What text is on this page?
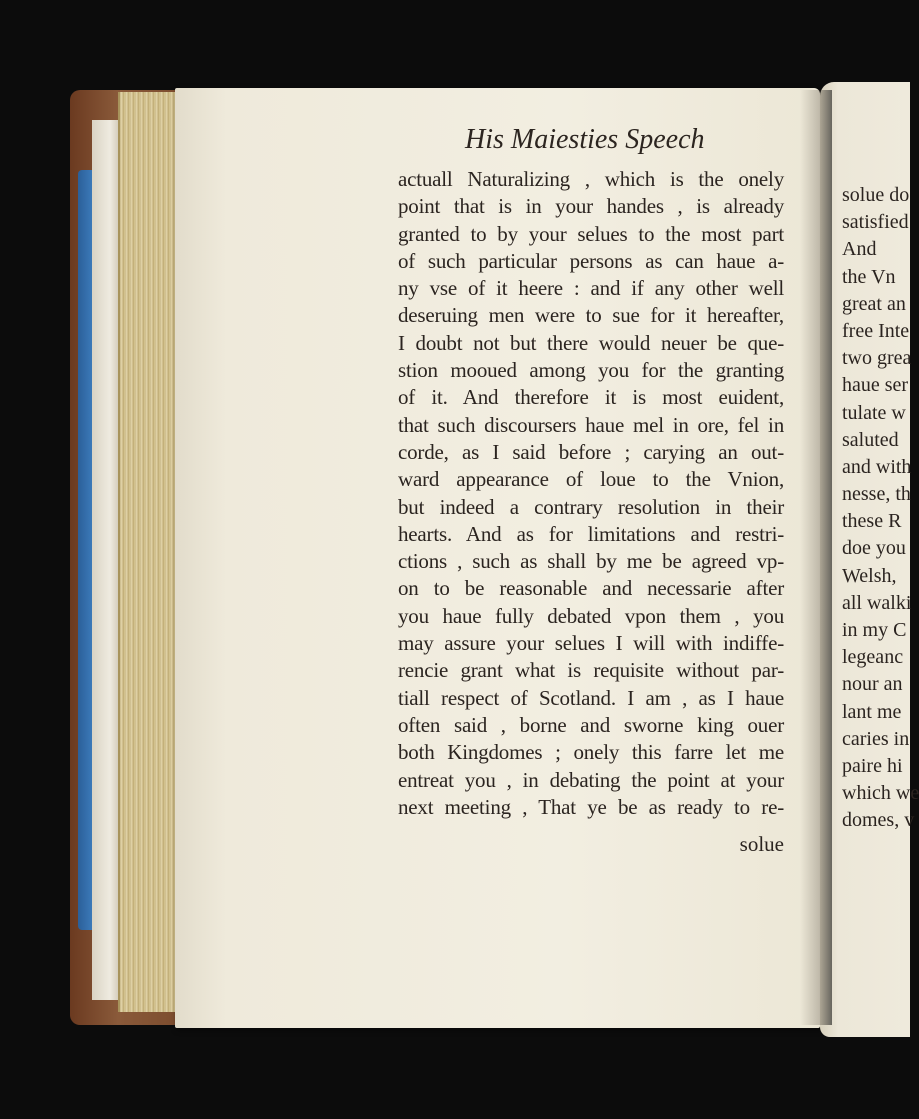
His Maiesties Speech
actuall Naturalizing , which is the onely
point that is in your handes , is already
granted to by your selues to the most part
of such particular persons as can haue a-
ny vse of it heere : and if any other well
deseruing men were to sue for it hereafter,
I doubt not but there would neuer be que-
stion mooued among you for the granting
of it. And therefore it is most euident,
that such discoursers haue mel in ore, fel in
corde, as I said before ; carying an out-
ward appearance of loue to the Vnion,
but indeed a contrary resolution in their
hearts. And as for limitations and restri-
ctions , such as shall by me be agreed vp-
on to be reasonable and necessarie after
you haue fully debated vpon them , you
may assure your selues I will with indiffe-
rencie grant what is requisite without par-
tiall respect of Scotland. I am , as I haue
often said , borne and sworne king ouer
both Kingdomes ; onely this farre let me
entreat you , in debating the point at your
next meeting , That ye be as ready to re-
solue
solue do
satisfied
And
the Vn
great an
free Inte
two grea
haue ser
tulate w
saluted
and with
nesse, th
these R
doe you
Welsh,
all walki
in my C
legeanc
nour an
lant me
caries in
paire hi
which we
domes, v
